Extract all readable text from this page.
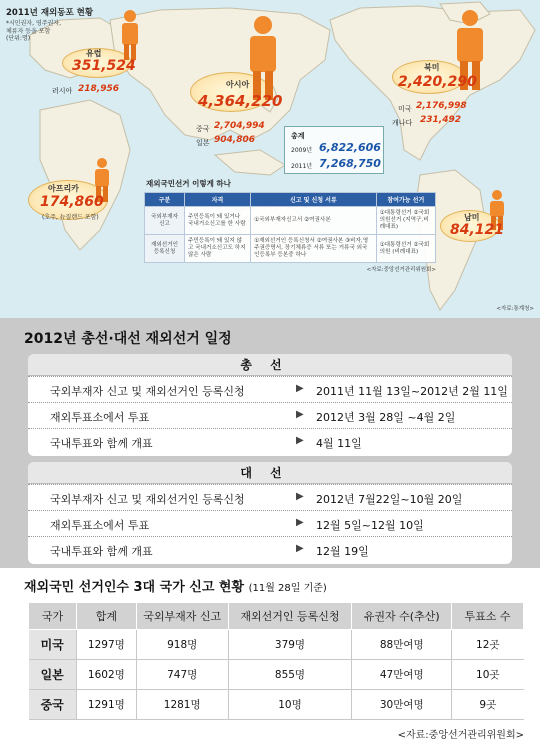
2011년 재외동포 현황
*시민권자, 영주권자,
체류자 등을 포함
(단위:명)
유럽
351,524
러시아 218,956	아시아
4,364,220
중국 2,704,994
일본 904,806
북미
2,420,290
미국 2,176,998
캐나다 231,492
아프리카
174,860
(호주, 뉴질랜드 포함)	남미
84,121
총계
2009년 6,822,606
2011년 7,268,750
재외국민선거 이렇게 하나
구분	자격	신고 및 신청 서류	참여가능 선거
국외부재자 신고	주민등록이 돼 있거나 국내거소신고를 한 사람	①국외부재자신고서 ②여권사본	①대통령선거 ②국회의원선거 (지역구,비례대표)
재외선거인 등록신청	주민등록이 돼 있지 않고 국내거소신고도 하지 않은 사람	①재외선거인 등록신청서 ②여권사본 ③비자,영주권증명서, 장기체류증 서류 또는 거류국 외국인등록부 등본중 하나	①대통령선거 ②국회의원 (비례대표)
<자료:중앙선거관리위원회>
<자료:통계청>
2012년 총선·대선 재외선거 일정
총선
국외부재자 신고 및 재외선거인 등록신청	▶ 2011년 11월 13일~2012년 2월 11일
재외투표소에서 투표	▶ 2012년 3월 28일 ~4월 2일
국내투표와 함께 개표	▶ 4월 11일
대선
국외부재자 신고 및 재외선거인 등록신청	▶ 2012년 7월22일~10월 20일
재외투표소에서 투표	▶ 12월 5일~12월 10일
국내투표와 함께 개표	▶ 12월 19일
재외국민 선거인수 3대 국가 신고 현황 (11월 28일 기준)
국가	합계	국외부재자 신고	재외선거인 등록신청	유권자 수(추산)	투표소 수
미국	1297명	918명	379명	88만여명	12곳
일본	1602명	747명	855명	47만여명	10곳
중국	1291명	1281명	10명	30만여명	9곳
<자료:중앙선거관리위원회>
